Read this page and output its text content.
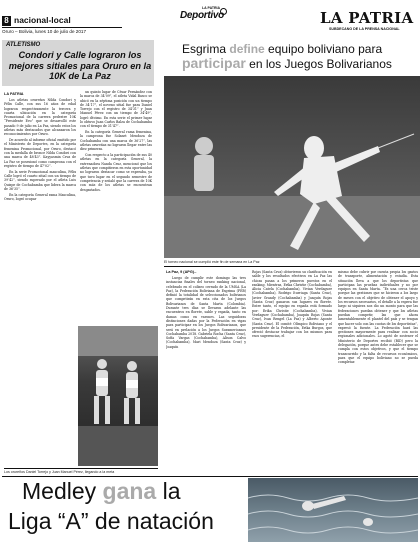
8 nacional-local
Oruro – Bolivia, lunes 10 de julio de 2017
LA PATRIA
Deportivo	LA PATRIA
SUBDECANO DE LA PRENSA NACIONAL
ATLETISMO
Condori y Calle lograron los mejores sitiales para Oruro en la 10K de La Paz
LA PATRIA

Los atletas orureños Nilda Condori y Félix Calle, con sus 16 años de edad lograron respectivamente la tercera y cuarta ubicación en la categoría Promocional de la carrera pedestre 10K “Presidente Evo” que se desarrolló este pasado 9 de julio en La Paz, siendo estos los atletas más destacados que alcanzaron los reconocimientos por Oruro.

De acuerdo al informe oficial emitido por el Ministerio de Deportes, en la categoría femenina Promocional, por Oruro, destacó con la medalla de bronce Nilda Condori con una marca de 48’43”. Kayyasmin Cruz de La Paz se posesionó como campeona con el registro de tiempo de 47’02”.

En la serie Promocional masculina, Félix Calle logró el cuarto sitial con un tiempo de 39’42”, siendo superado por el atleta Luis Quispe de Cochabamba que lidera la marca de 36’35”.

En la categoría General rama Masculina, Oruro, logró ocupar

un quinto lugar de César Fernández con la marca de 34’09”, el atleta Vidal Basco se ubicó en la séptima posición con un tiempo de 34’17”, el noveno sitial fue para Daniel Torrejo con el registro de 34’31” y Juan Manuel Pérez con un tiempo de 34’49”, logró décimo. En esta serie el primer lugar lo obtuvo Juan Carlos Balza de Cochabamba con el tiempo de 31’47”.

En la categoría General rama femenina, la campeona fue Solanet Mendoza de Cochabamba con una marca de 36’27”, las atletas orureñas no lograron llegar entre las diez primeras.

Con respecto a la participación de sus 40 atletas en la categoría General, la entrenadora Nanda Cruz, mencionó que los atletas que compitieron en esta oportunidad no lograron destacar como se esperaba, ya que tuvo lugar en el segundo semestre de competencia y señaló que la carrera de 10K con más de los atletas se encuentran desgastados.

Los orureños Daniel Torrejo y Juan Manuel Pérez, llegando a la meta
Esgrima define equipo boliviano para
participar en los Juegos Bolivarianos
El torneo nacional se cumplió este fin de semana en La Paz
La Paz, 9 (APG).-
Luego de cumplir este domingo las tres instancias finales del torneo ranking nacional, celebrado en el coliseo cerrado de la UMSA (La Paz), la Federación Boliviana de Esgrima (FEB) definió la totalidad de seleccionados bolivianos que competirán en esta cita de los Juegos Bolivarianos de Santa Marta (Colombia). Durante tres días se llevaron adelante las encuentros en florete, sable y espada, tanto en damas como en varones. Las seguidoras distinciones dadas por la Federación en vigas para participar en los Juegos Bolivarianos, que será en prelación a los Juegos Suramericanos Cochabamba 2018. Gabriela Rocha (Santa Cruz), Sofía Vargas (Cochabamba), Alison Calvo (Cochabamba), Mari Mendoza (Santa Cruz) y Joaquín
Rojas (Santa Cruz) obtuvieron su clasificación en sable y los resultados efectivos en La Paz las chicas pasan a los primeros puestos en el ranking. Mientras, Erika Christie (Cochabamba), Alicia Catela (Cochabamba), Vivian Verdaguer (Cochabamba), Rodrigo Iturriaga (Santa Cruz), Javier Grandy (Cochabamba) y Joaquín Rojas (Santa Cruz) ganaron sus lugares en florete. Entre tanto, el equipo en espada está formado por: Erika Christie (Cochabamba), Vivian Verdaguer (Cochabamba), Joaquín Rojas (Santa Cruz), Ivan Rengel (La Paz) y Alberto Aponte (Santa Cruz). El comité Olímpico Boliviano y el presidente de la Federación, Erika Burgos, que ofreció destacar trabajar con los mismos para esos sugerencias, el
mismo debe cubrir por cuenta propia los gastos de transporte, alimentación y estadía. Esta situación lleva a que los deportistas que participan las pruebas individuales y no por equipos en Santa Marta. “Es una cerca triste porque las gestiones que se hicieron a los largo de meses con el objetivo de obtener el apoyo y los recursos necesarios, el detalle a la espera fue largo ni siquiera nos dio un monto para que las federaciones puedan obtener y que los atletas puedan competir, las que ahora lamentablemente el plantel del país y se tengan que hacer solo con las cuotas de los deportistas”, expresó la fuente. La Federación hará las gestiones mayormente para realizar con socio regionales adicionales. Lo agotó de sostener el Ministerio de Deportes recibió (BID) pero la delegación, porque antes debe establecer que se cumpla con estos objetivos, y que el tiempo transcurrido y la falta de recursos económicos, para que el equipo boliviano no se pueda completar.
Medley gana la
Liga “A” de natación
